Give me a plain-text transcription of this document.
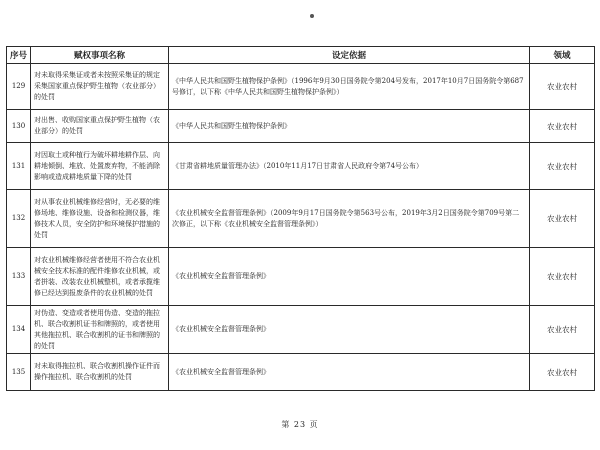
序号	赋权事项名称	设定依据	领域
129	对未取得采集证或者未按照采集证的规定采集国家重点保护野生植物（农业部分）的处罚	《中华人民共和国野生植物保护条例》（1996年9月30日国务院令第204号发布，2017年10月7日国务院令第687号修订，以下称《中华人民共和国野生植物保护条例》）	农业农村
130	对出售、收购国家重点保护野生植物（农业部分）的处罚	《中华人民共和国野生植物保护条例》	农业农村
131	对因取土或种植行为破坏耕地耕作层、向耕地倾倒、堆放、处置废弃物，不能消除影响或造成耕地质量下降的处罚	《甘肃省耕地质量管理办法》（2010年11月17日甘肃省人民政府令第74号公布）	农业农村
132	对从事农业机械维修经营时，无必要的维修场地、维修设施、设备和检测仪器，维修技术人员，安全防护和环境保护措施的处罚	《农业机械安全监督管理条例》（2009年9月17日国务院令第563号公布，2019年3月2日国务院令第709号第二次修正，以下称《农业机械安全监督管理条例》）	农业农村
133	对农业机械维修经营者使用不符合农业机械安全技术标准的配件维修农业机械，或者拼装、改装农业机械整机，或者承揽维修已经达到报废条件的农业机械的处罚	《农业机械安全监督管理条例》	农业农村
134	对伪造、变造或者使用伪造、变造的拖拉机、联合收割机证书和牌照的，或者使用其他拖拉机、联合收割机的证书和牌照的的处罚	《农业机械安全监督管理条例》	农业农村
135	对未取得拖拉机、联合收割机操作证件而操作拖拉机、联合收割机的处罚	《农业机械安全监督管理条例》	农业农村
第 23 页
